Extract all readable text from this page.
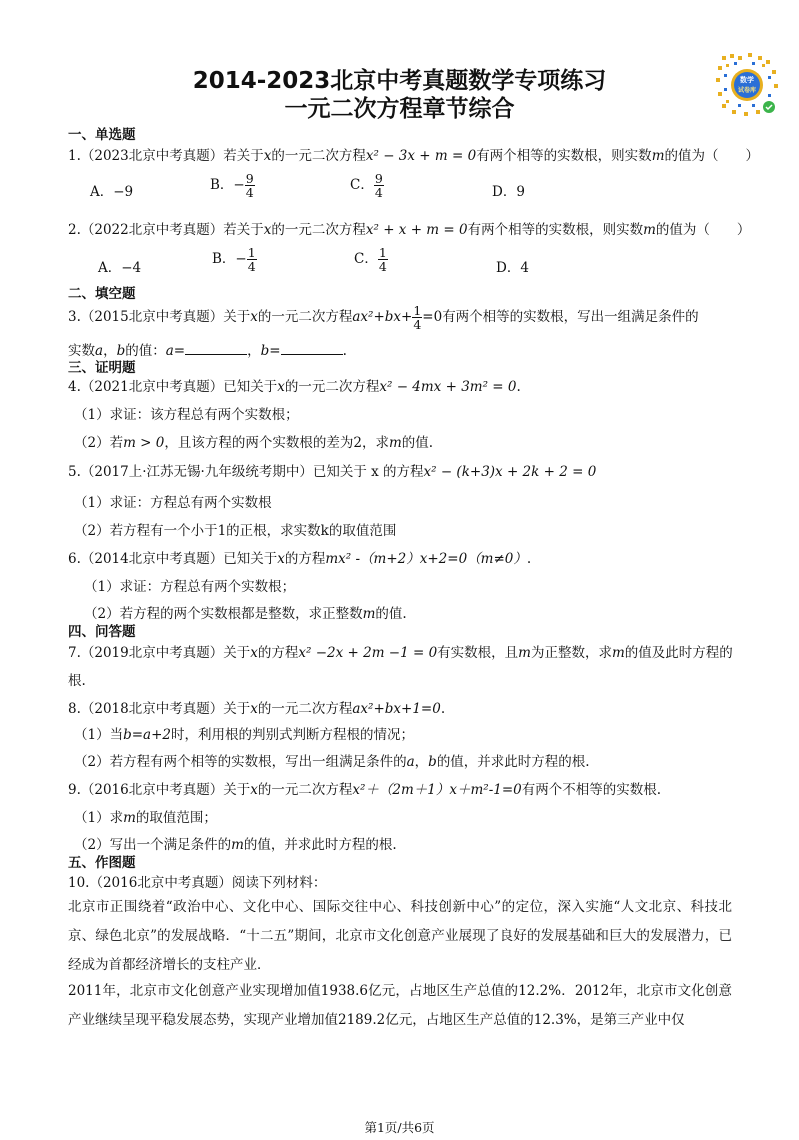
2014-2023北京中考真题数学专项练习
一元二次方程章节综合
数学
试卷库
一、单选题
1.（2023北京中考真题）若关于x的一元二次方程x² − 3x + m = 0有两个相等的实数根，则实数m的值为（　　）
A．−9	B．− $\frac{9}{4}$	C． $\frac{9}{4}$	D．9
2.（2022北京中考真题）若关于x的一元二次方程x² + x + m = 0有两个相等的实数根，则实数m的值为（　　）
A．−4
B．− $\frac{1}{4}$	C． $\frac{1}{4}$	D．4
二、填空题
3.（2015北京中考真题）关于x的一元二次方程$ax^2+bx+ \frac{1}{4} =0$有两个相等的实数根，写出一组满足条件的
实数a，b的值：a=	，b=	.
三、证明题
4.（2021北京中考真题）已知关于x的一元二次方程x² − 4mx + 3m² = 0.
（1）求证：该方程总有两个实数根；
（2）若m > 0，且该方程的两个实数根的差为2，求m的值.
5.（2017上·江苏无锡·九年级统考期中）已知关于 x 的方程x² − (k+3)x + 2k + 2 = 0
（1）求证：方程总有两个实数根
（2）若方程有一个小于1的正根，求实数k的取值范围
6.（2014北京中考真题）已知关于x的方程mx² -（m+2）x+2=0（m≠0）.
（1）求证：方程总有两个实数根；
（2）若方程的两个实数根都是整数，求正整数m的值.
四、问答题
7.（2019北京中考真题）关于x的方程x² −2x + 2m −1 = 0有实数根，且m为正整数，求m的值及此时方程的
根.
8.（2018北京中考真题）关于x的一元二次方程ax²+bx+1=0.
（1）当b=a+2时，利用根的判别式判断方程根的情况；
（2）若方程有两个相等的实数根，写出一组满足条件的a，b的值，并求此时方程的根.
9.（2016北京中考真题）关于x的一元二次方程x²＋（2m＋1）x＋m²-1=0有两个不相等的实数根.
（1）求m的取值范围；
（2）写出一个满足条件的m的值，并求此时方程的根.
五、作图题
10.（2016北京中考真题）阅读下列材料：
北京市正围绕着“政治中心、文化中心、国际交往中心、科技创新中心”的定位，深入实施“人文北京、科技北京、绿色北京”的发展战略．“十二五”期间，北京市文化创意产业展现了良好的发展基础和巨大的发展潜力，已经成为首都经济增长的支柱产业．
2011年，北京市文化创意产业实现增加值1938.6亿元，占地区生产总值的12.2%．2012年，北京市文化创意产业继续呈现平稳发展态势，实现产业增加值2189.2亿元，占地区生产总值的12.3%，是第三产业中仅
第1页/共6页
